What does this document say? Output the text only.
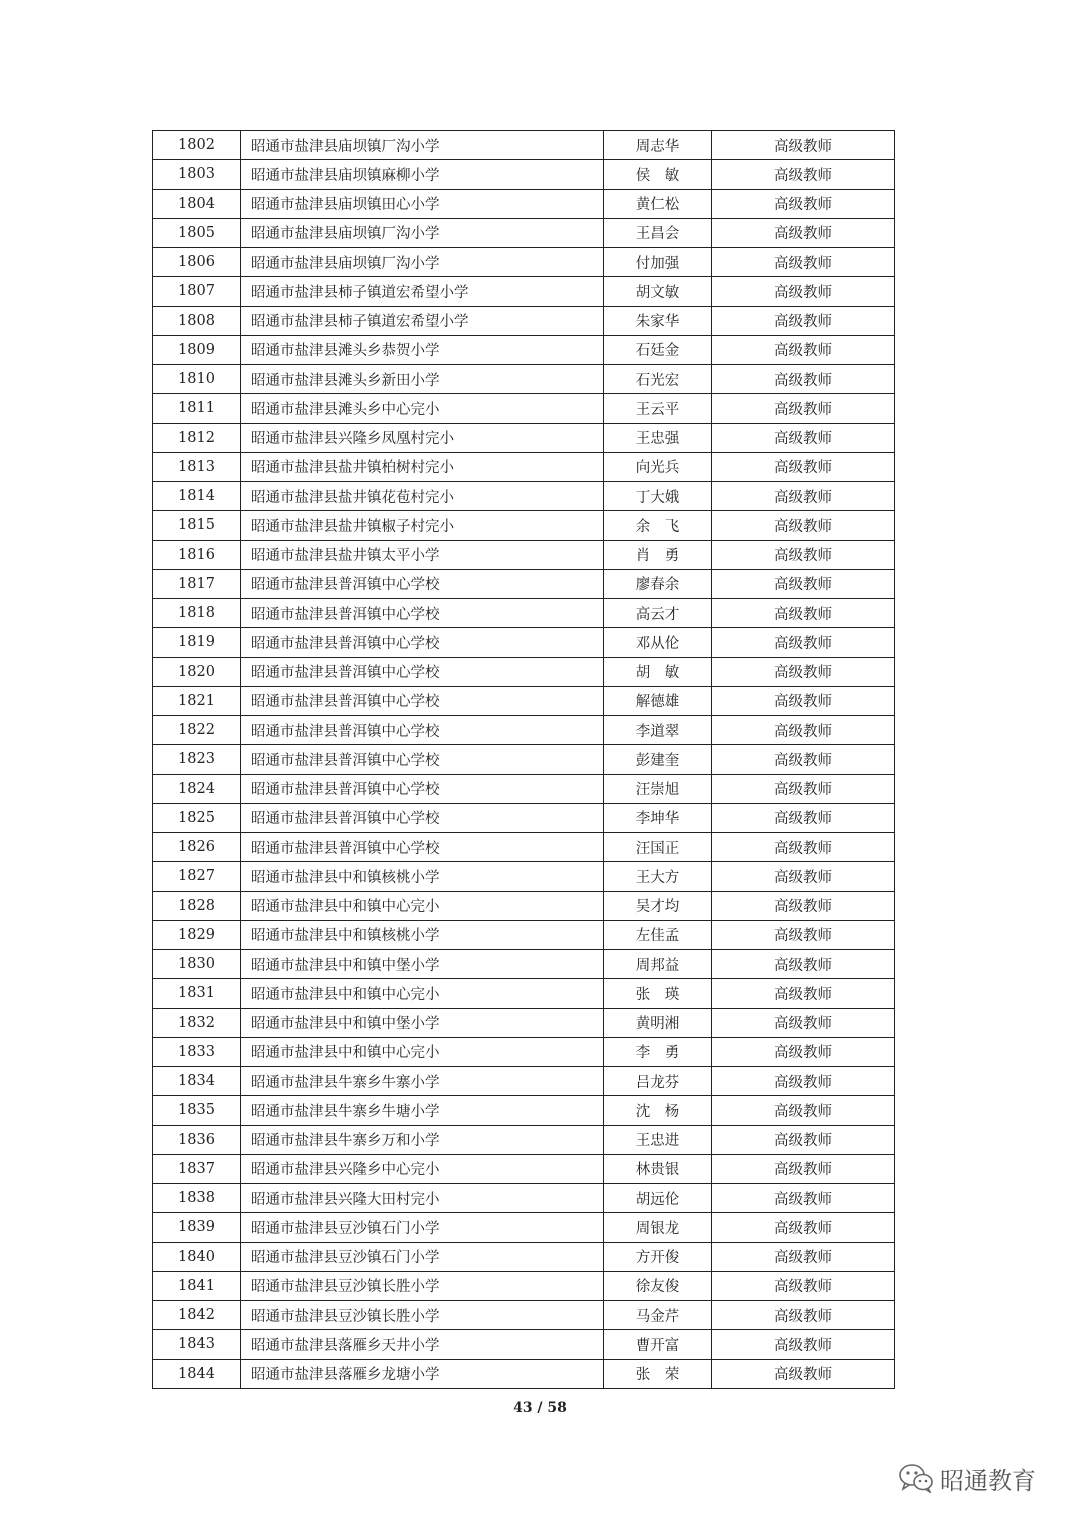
1802	昭通市盐津县庙坝镇厂沟小学	周志华	高级教师
1803	昭通市盐津县庙坝镇麻柳小学	侯　敏	高级教师
1804	昭通市盐津县庙坝镇田心小学	黄仁松	高级教师
1805	昭通市盐津县庙坝镇厂沟小学	王昌会	高级教师
1806	昭通市盐津县庙坝镇厂沟小学	付加强	高级教师
1807	昭通市盐津县柿子镇道宏希望小学	胡文敏	高级教师
1808	昭通市盐津县柿子镇道宏希望小学	朱家华	高级教师
1809	昭通市盐津县滩头乡恭贺小学	石廷金	高级教师
1810	昭通市盐津县滩头乡新田小学	石光宏	高级教师
1811	昭通市盐津县滩头乡中心完小	王云平	高级教师
1812	昭通市盐津县兴隆乡凤凰村完小	王忠强	高级教师
1813	昭通市盐津县盐井镇柏树村完小	向光兵	高级教师
1814	昭通市盐津县盐井镇花苞村完小	丁大娥	高级教师
1815	昭通市盐津县盐井镇椒子村完小	余　飞	高级教师
1816	昭通市盐津县盐井镇太平小学	肖　勇	高级教师
1817	昭通市盐津县普洱镇中心学校	廖春余	高级教师
1818	昭通市盐津县普洱镇中心学校	高云才	高级教师
1819	昭通市盐津县普洱镇中心学校	邓从伦	高级教师
1820	昭通市盐津县普洱镇中心学校	胡　敏	高级教师
1821	昭通市盐津县普洱镇中心学校	解德雄	高级教师
1822	昭通市盐津县普洱镇中心学校	李道翠	高级教师
1823	昭通市盐津县普洱镇中心学校	彭建奎	高级教师
1824	昭通市盐津县普洱镇中心学校	汪崇旭	高级教师
1825	昭通市盐津县普洱镇中心学校	李坤华	高级教师
1826	昭通市盐津县普洱镇中心学校	汪国正	高级教师
1827	昭通市盐津县中和镇核桃小学	王大方	高级教师
1828	昭通市盐津县中和镇中心完小	吴才均	高级教师
1829	昭通市盐津县中和镇核桃小学	左佳孟	高级教师
1830	昭通市盐津县中和镇中堡小学	周邦益	高级教师
1831	昭通市盐津县中和镇中心完小	张　瑛	高级教师
1832	昭通市盐津县中和镇中堡小学	黄明湘	高级教师
1833	昭通市盐津县中和镇中心完小	李　勇	高级教师
1834	昭通市盐津县牛寨乡牛寨小学	吕龙芬	高级教师
1835	昭通市盐津县牛寨乡牛塘小学	沈　杨	高级教师
1836	昭通市盐津县牛寨乡万和小学	王忠进	高级教师
1837	昭通市盐津县兴隆乡中心完小	林贵银	高级教师
1838	昭通市盐津县兴隆大田村完小	胡远伦	高级教师
1839	昭通市盐津县豆沙镇石门小学	周银龙	高级教师
1840	昭通市盐津县豆沙镇石门小学	方开俊	高级教师
1841	昭通市盐津县豆沙镇长胜小学	徐友俊	高级教师
1842	昭通市盐津县豆沙镇长胜小学	马金芹	高级教师
1843	昭通市盐津县落雁乡天井小学	曹开富	高级教师
1844	昭通市盐津县落雁乡龙塘小学	张　荣	高级教师
43 / 58
昭通教育
